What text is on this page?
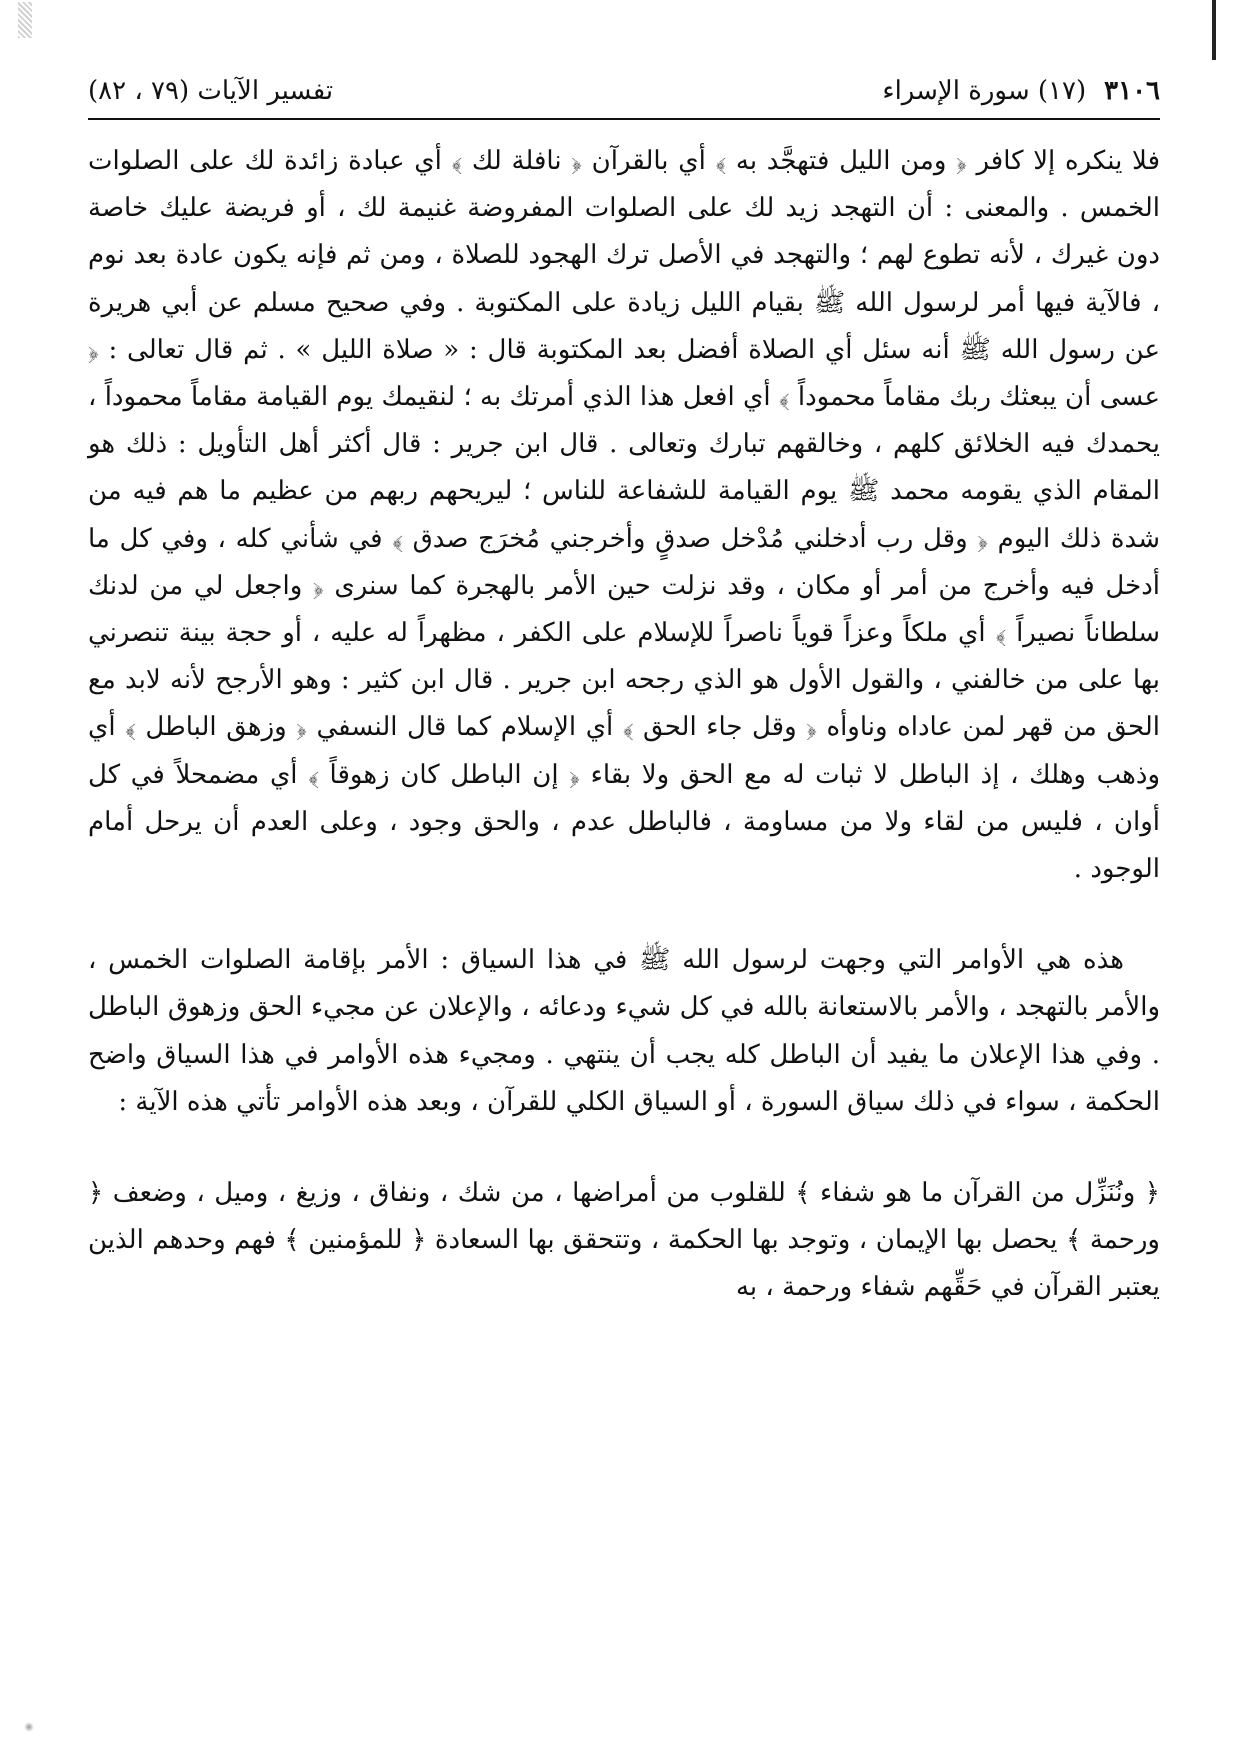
٣١٠٦(١٧) سورة الإسراء
تفسير الآيات (٧٩ ، ٨٢)

فلا ينكره إلا كافر ﴿ ومن الليل فتهجَّد به ﴾ أي بالقرآن ﴿ نافلة لك ﴾ أي عبادة زائدة لك على الصلوات الخمس . والمعنى : أن التهجد زيد لك على الصلوات المفروضة غنيمة لك ، أو فريضة عليك خاصة دون غيرك ، لأنه تطوع لهم ؛ والتهجد في الأصل ترك الهجود للصلاة ، ومن ثم فإنه يكون عادة بعد نوم ، فالآية فيها أمر لرسول الله ﷺ بقيام الليل زيادة على المكتوبة . وفي صحيح مسلم عن أبي هريرة عن رسول الله ﷺ أنه سئل أي الصلاة أفضل بعد المكتوبة قال : « صلاة الليل » . ثم قال تعالى : ﴿ عسى أن يبعثك ربك مقاماً محموداً ﴾ أي افعل هذا الذي أمرتك به ؛ لنقيمك يوم القيامة مقاماً محموداً ، يحمدك فيه الخلائق كلهم ، وخالقهم تبارك وتعالى . قال ابن جرير : قال أكثر أهل التأويل : ذلك هو المقام الذي يقومه محمد ﷺ يوم القيامة للشفاعة للناس ؛ ليريحهم ربهم من عظيم ما هم فيه من شدة ذلك اليوم ﴿ وقل رب أدخلني مُدْخل صدقٍ وأخرجني مُخرَج صدق ﴾ في شأني كله ، وفي كل ما أدخل فيه وأخرج من أمر أو مكان ، وقد نزلت حين الأمر بالهجرة كما سنرى ﴿ واجعل لي من لدنك سلطاناً نصيراً ﴾ أي ملكاً وعزاً قوياً ناصراً للإسلام على الكفر ، مظهراً له عليه ، أو حجة بينة تنصرني بها على من خالفني ، والقول الأول هو الذي رجحه ابن جرير . قال ابن كثير : وهو الأرجح لأنه لابد مع الحق من قهر لمن عاداه وناوأه ﴿ وقل جاء الحق ﴾ أي الإسلام كما قال النسفي ﴿ وزهق الباطل ﴾ أي وذهب وهلك ، إذ الباطل لا ثبات له مع الحق ولا بقاء ﴿ إن الباطل كان زهوقاً ﴾ أي مضمحلاً في كل أوان ، فليس من لقاء ولا من مساومة ، فالباطل عدم ، والحق وجود ، وعلى العدم أن يرحل أمام الوجود .

هذه هي الأوامر التي وجهت لرسول الله ﷺ في هذا السياق : الأمر بإقامة الصلوات الخمس ، والأمر بالتهجد ، والأمر بالاستعانة بالله في كل شيء ودعائه ، والإعلان عن مجيء الحق وزهوق الباطل . وفي هذا الإعلان ما يفيد أن الباطل كله يجب أن ينتهي . ومجيء هذه الأوامر في هذا السياق واضح الحكمة ، سواء في ذلك سياق السورة ، أو السياق الكلي للقرآن ، وبعد هذه الأوامر تأتي هذه الآية :

﴿ ونُنَزِّل من القرآن ما هو شفاء ﴾ للقلوب من أمراضها ، من شك ، ونفاق ، وزيغ ، وميل ، وضعف ﴿ ورحمة ﴾ يحصل بها الإيمان ، وتوجد بها الحكمة ، وتتحقق بها السعادة ﴿ للمؤمنين ﴾ فهم وحدهم الذين يعتبر القرآن في حَقِّهم شفاء ورحمة ، به
